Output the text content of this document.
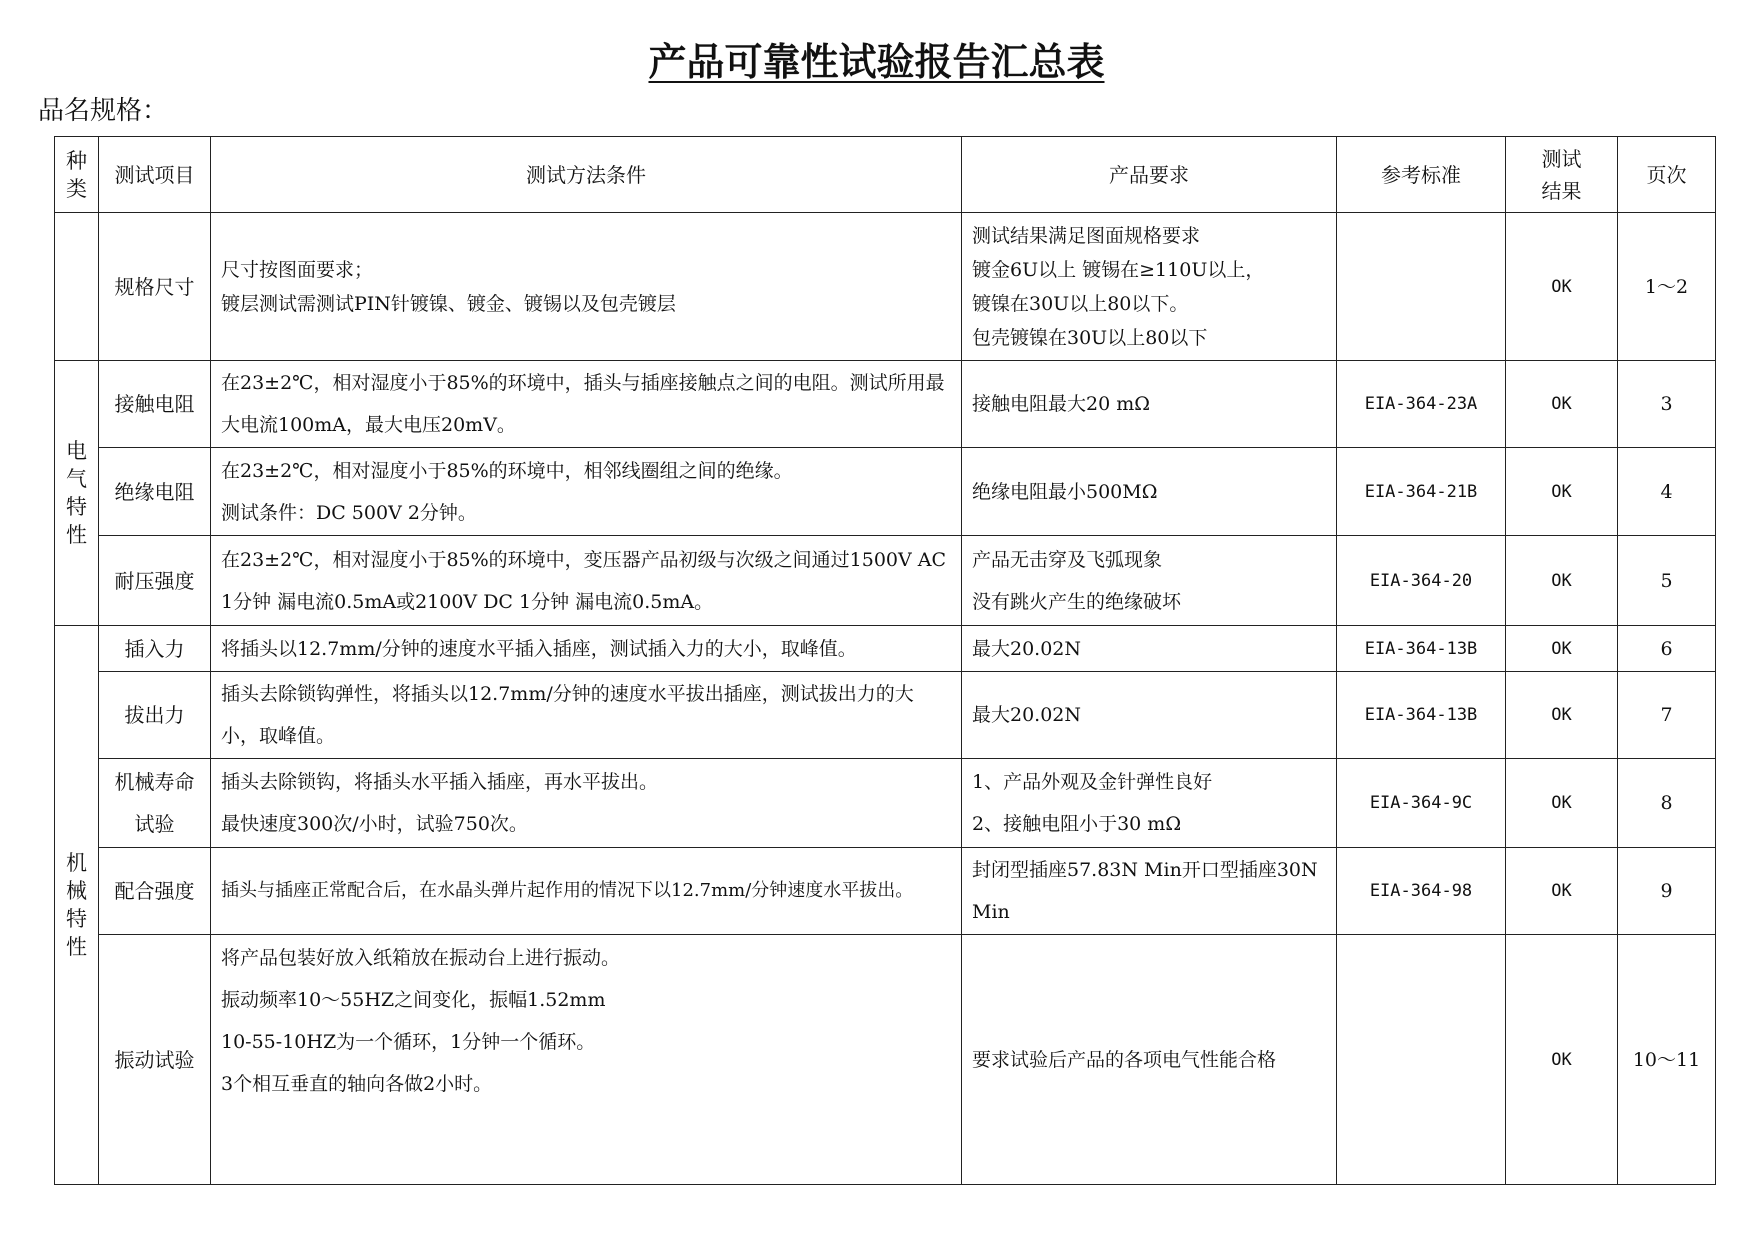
产品可靠性试验报告汇总表
品名规格：
种类	测试项目	测试方法条件	产品要求	参考标准	测试
结果	页次
	规格尺寸	尺寸按图面要求；
镀层测试需测试PIN针镀镍、镀金、镀锡以及包壳镀层	测试结果满足图面规格要求
镀金6U以上 镀锡在≥110U以上，
镀镍在30U以上80以下。
包壳镀镍在30U以上80以下		OK	1～2
电气特性	接触电阻	在23±2℃，相对湿度小于85%的环境中，插头与插座接触点之间的电阻。测试所用最大电流100mA，最大电压20mV。	接触电阻最大20 mΩ	EIA-364-23A	OK	3
	绝缘电阻	在23±2℃，相对湿度小于85%的环境中，相邻线圈组之间的绝缘。
测试条件：DC 500V 2分钟。	绝缘电阻最小500MΩ	EIA-364-21B	OK	4
	耐压强度	在23±2℃，相对湿度小于85%的环境中，变压器产品初级与次级之间通过1500V AC 1分钟 漏电流0.5mA或2100V DC 1分钟 漏电流0.5mA。	产品无击穿及飞弧现象
没有跳火产生的绝缘破坏	EIA-364-20	OK	5
机械特性	插入力	将插头以12.7mm/分钟的速度水平插入插座，测试插入力的大小，取峰值。	最大20.02N	EIA-364-13B	OK	6
	拔出力	插头去除锁钩弹性，将插头以12.7mm/分钟的速度水平拔出插座，测试拔出力的大小，取峰值。	最大20.02N	EIA-364-13B	OK	7
	机械寿命试验	插头去除锁钩，将插头水平插入插座，再水平拔出。
最快速度300次/小时，试验750次。	1、产品外观及金针弹性良好
2、接触电阻小于30 mΩ	EIA-364-9C	OK	8
	配合强度	插头与插座正常配合后，在水晶头弹片起作用的情况下以12.7mm/分钟速度水平拔出。	封闭型插座57.83N Min开口型插座30N Min	EIA-364-98	OK	9
	振动试验	将产品包装好放入纸箱放在振动台上进行振动。
振动频率10～55HZ之间变化，振幅1.52mm
10-55-10HZ为一个循环，1分钟一个循环。
3个相互垂直的轴向各做2小时。	要求试验后产品的各项电气性能合格		OK	10～11
